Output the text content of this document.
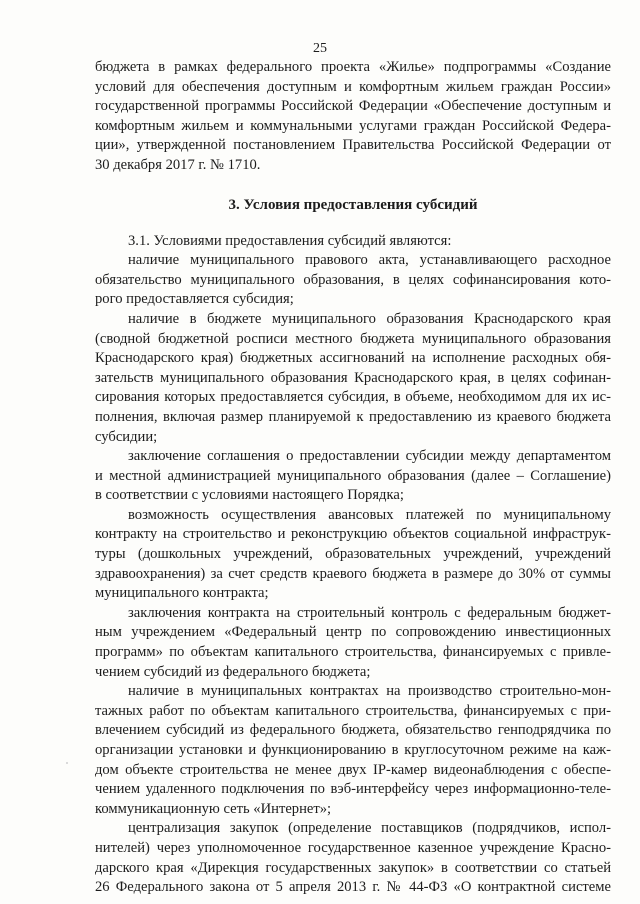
25

бюджета в рамках федерального проекта «Жилье» подпрограммы «Создание

условий для обеспечения доступным и комфортным жильем граждан России»

государственной программы Российской Федерации «Обеспечение доступным и

комфортным жильем и коммунальными услугами граждан Российской Федера-

ции», утвержденной постановлением Правительства Российской Федерации от

30 декабря 2017 г. № 1710.

3. Условия предоставления субсидий

3.1. Условиями предоставления субсидий являются:

наличие муниципального правового акта, устанавливающего расходное

обязательство муниципального образования, в целях софинансирования кото-

рого предоставляется субсидия;

наличие в бюджете муниципального образования Краснодарского края

(сводной бюджетной росписи местного бюджета муниципального образования

Краснодарского края) бюджетных ассигнований на исполнение расходных обя-

зательств муниципального образования Краснодарского края, в целях софинан-

сирования которых предоставляется субсидия, в объеме, необходимом для их ис-

полнения, включая размер планируемой к предоставлению из краевого бюджета

субсидии;

заключение соглашения о предоставлении субсидии между департаментом

и местной администрацией муниципального образования (далее – Соглашение)

в соответствии с условиями настоящего Порядка;

возможность осуществления авансовых платежей по муниципальному

контракту на строительство и реконструкцию объектов социальной инфраструк-

туры (дошкольных учреждений, образовательных учреждений, учреждений

здравоохранения) за счет средств краевого бюджета в размере до 30% от суммы

муниципального контракта;

заключения контракта на строительный контроль с федеральным бюджет-

ным учреждением «Федеральный центр по сопровождению инвестиционных

программ» по объектам капитального строительства, финансируемых с привле-

чением субсидий из федерального бюджета;

наличие в муниципальных контрактах на производство строительно-мон-

тажных работ по объектам капитального строительства, финансируемых с при-

влечением субсидий из федерального бюджета, обязательство генподрядчика по

организации установки и функционированию в круглосуточном режиме на каж-

дом объекте строительства не менее двух IP-камер видеонаблюдения с обеспе-

чением удаленного подключения по вэб-интерфейсу через информационно-теле-

коммуникационную сеть «Интернет»;

централизация закупок (определение поставщиков (подрядчиков, испол-

нителей) через уполномоченное государственное казенное учреждение Красно-

дарского края «Дирекция государственных закупок» в соответствии со статьей

26 Федерального закона от 5 апреля 2013 г. № 44-ФЗ «О контрактной системе
